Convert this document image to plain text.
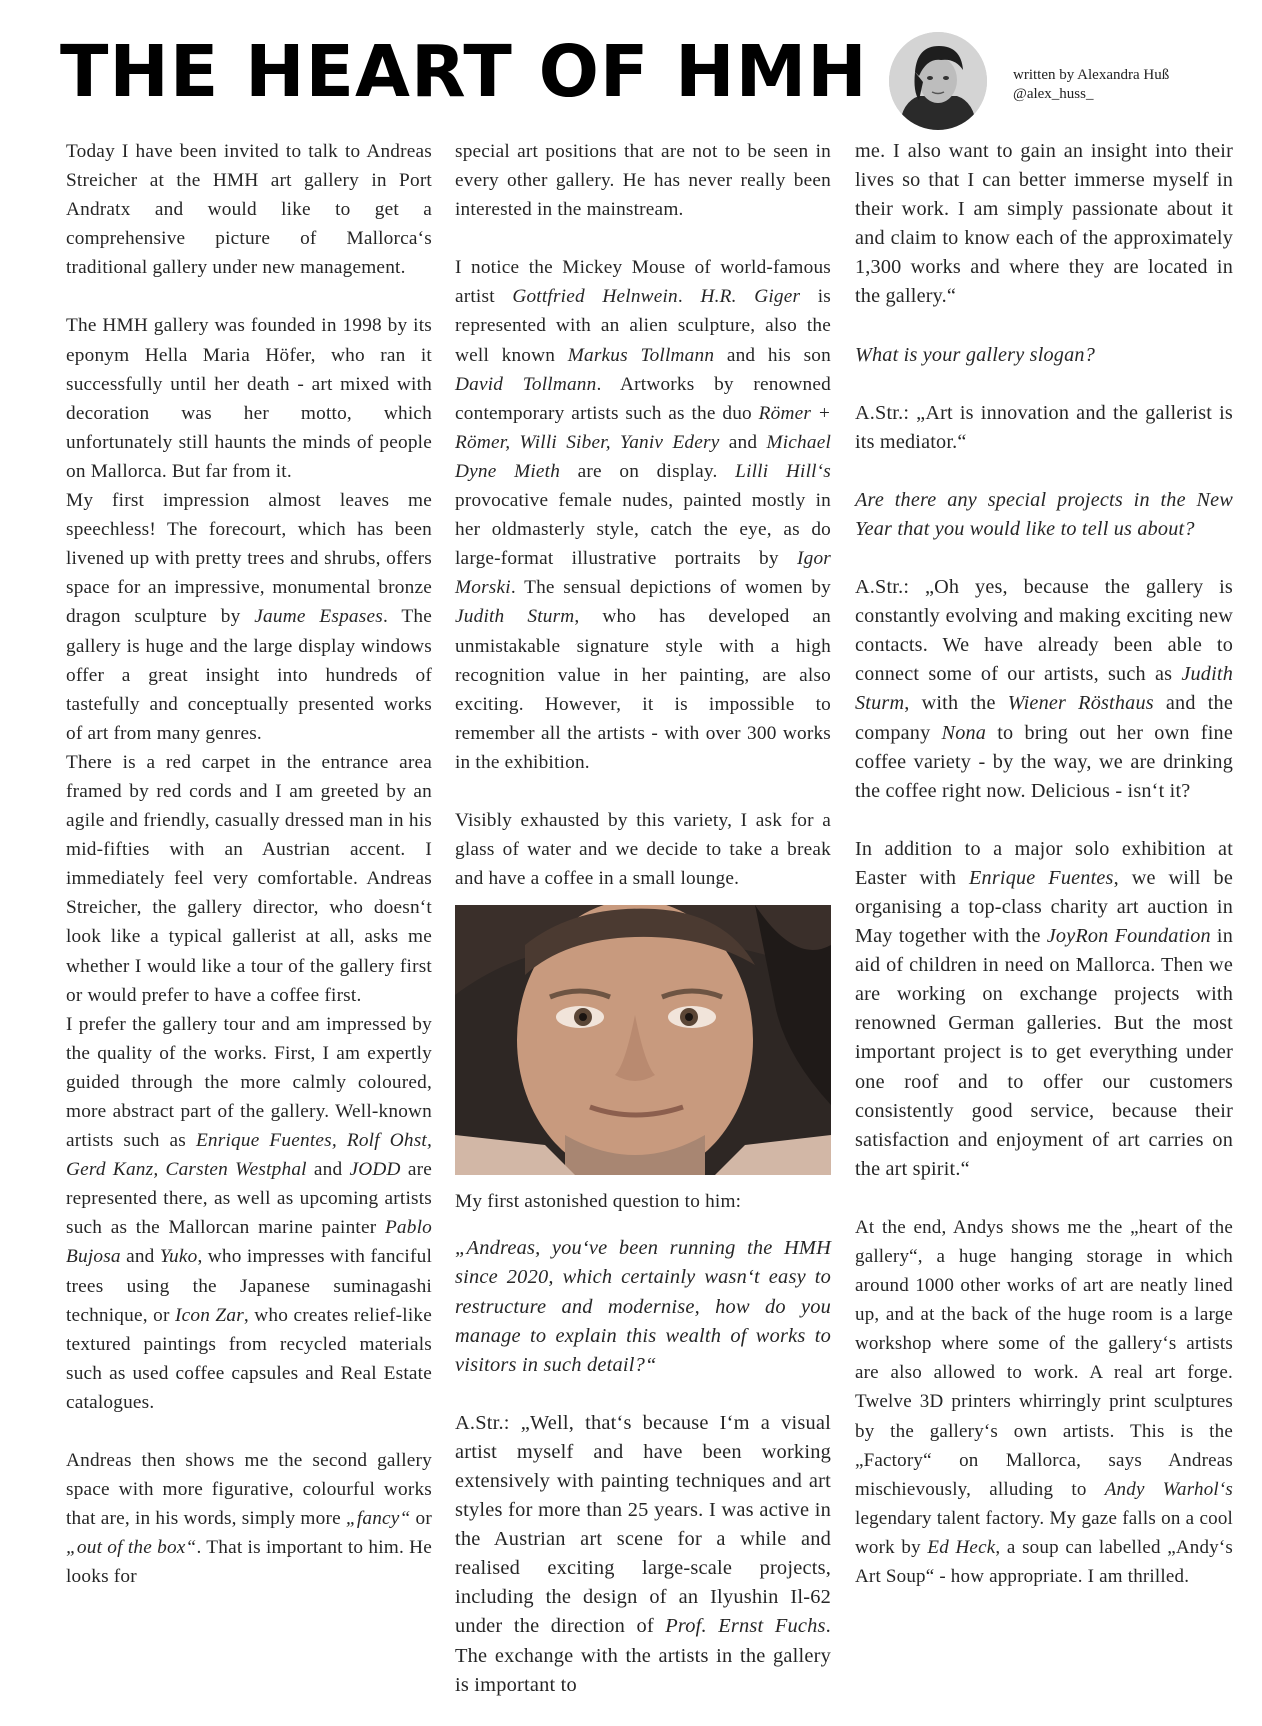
THE HEART OF HMH	written by Alexandra Huß
@alex_huss_

Today I have been invited to talk to Andreas Streicher at the HMH art gallery in Port Andratx and would like to get a comprehensive picture of Mallorca‘s traditional gallery under new management.

The HMH gallery was founded in 1998 by its eponym Hella Maria Höfer, who ran it successfully until her death - art mixed with decoration was her motto, which unfortunately still haunts the minds of people on Mallorca. But far from it.

My first impression almost leaves me speechless! The forecourt, which has been livened up with pretty trees and shrubs, offers space for an impressive, monumental bronze dragon sculpture by Jaume Espases. The gallery is huge and the large display windows offer a great insight into hundreds of tastefully and conceptually presented works of art from many genres.

There is a red carpet in the entrance area framed by red cords and I am greeted by an agile and friendly, casually dressed man in his mid-fifties with an Austrian accent. I immediately feel very comfortable. Andreas Streicher, the gallery director, who doesn‘t look like a typical gallerist at all, asks me whether I would like a tour of the gallery first or would prefer to have a coffee first.

I prefer the gallery tour and am impressed by the quality of the works. First, I am expertly guided through the more calmly coloured, more abstract part of the gallery. Well-known artists such as Enrique Fuentes, Rolf Ohst, Gerd Kanz, Carsten Westphal and JODD are represented there, as well as upcoming artists such as the Mallorcan marine painter Pablo Bujosa and Yuko, who impresses with fanciful trees using the Japanese suminagashi technique, or Icon Zar, who creates relief-like textured paintings from recycled materials such as used coffee capsules and Real Estate catalogues.

Andreas then shows me the second gallery space with more figurative, colourful works that are, in his words, simply more „fancy“ or „out of the box“. That is important to him. He looks for

special art positions that are not to be seen in every other gallery. He has never really been interested in the mainstream.

I notice the Mickey Mouse of world-famous artist Gottfried Helnwein. H.R. Giger is represented with an alien sculpture, also the well known Markus Tollmann and his son David Tollmann. Artworks by renowned contemporary artists such as the duo Römer + Römer, Willi Siber, Yaniv Edery and Michael Dyne Mieth are on display. Lilli Hill‘s provocative female nudes, painted mostly in her oldmasterly style, catch the eye, as do large-format illustrative portraits by Igor Morski. The sensual depictions of women by Judith Sturm, who has developed an unmistakable signature style with a high recognition value in her painting, are also exciting. However, it is impossible to remember all the artists - with over 300 works in the exhibition.

Visibly exhausted by this variety, I ask for a glass of water and we decide to take a break and have a coffee in a small lounge.

My first astonished question to him:

„Andreas, you‘ve been running the HMH since 2020, which certainly wasn‘t easy to restructure and modernise, how do you manage to explain this wealth of works to visitors in such detail?“

A.Str.: „Well, that‘s because I‘m a visual artist myself and have been working extensively with painting techniques and art styles for more than 25 years. I was active in the Austrian art scene for a while and realised exciting large-scale projects, including the design of an Ilyushin Il-62 under the direction of Prof. Ernst Fuchs. The exchange with the artists in the gallery is important to

me. I also want to gain an insight into their lives so that I can better immerse myself in their work. I am simply passionate about it and claim to know each of the approximately 1,300 works and where they are located in the gallery.“

What is your gallery slogan?

A.Str.: „Art is innovation and the gallerist is its mediator.“

Are there any special projects in the New Year that you would like to tell us about?

A.Str.: „Oh yes, because the gallery is constantly evolving and making exciting new contacts. We have already been able to connect some of our artists, such as Judith Sturm, with the Wiener Rösthaus and the company Nona to bring out her own fine coffee variety - by the way, we are drinking the coffee right now. Delicious - isn‘t it?

In addition to a major solo exhibition at Easter with Enrique Fuentes, we will be organising a top-class charity art auction in May together with the JoyRon Foundation in aid of children in need on Mallorca. Then we are working on exchange projects with renowned German galleries. But the most important project is to get everything under one roof and to offer our customers consistently good service, because their satisfaction and enjoyment of art carries on the art spirit.“

At the end, Andys shows me the „heart of the gallery“, a huge hanging storage in which around 1000 other works of art are neatly lined up, and at the back of the huge room is a large workshop where some of the gallery‘s artists are also allowed to work. A real art forge. Twelve 3D printers whirringly print sculptures by the gallery‘s own artists. This is the „Factory“ on Mallorca, says Andreas mischievously, alluding to Andy Warhol‘s legendary talent factory. My gaze falls on a cool work by Ed Heck, a soup can labelled „Andy‘s Art Soup“ - how appropriate. I am thrilled.
